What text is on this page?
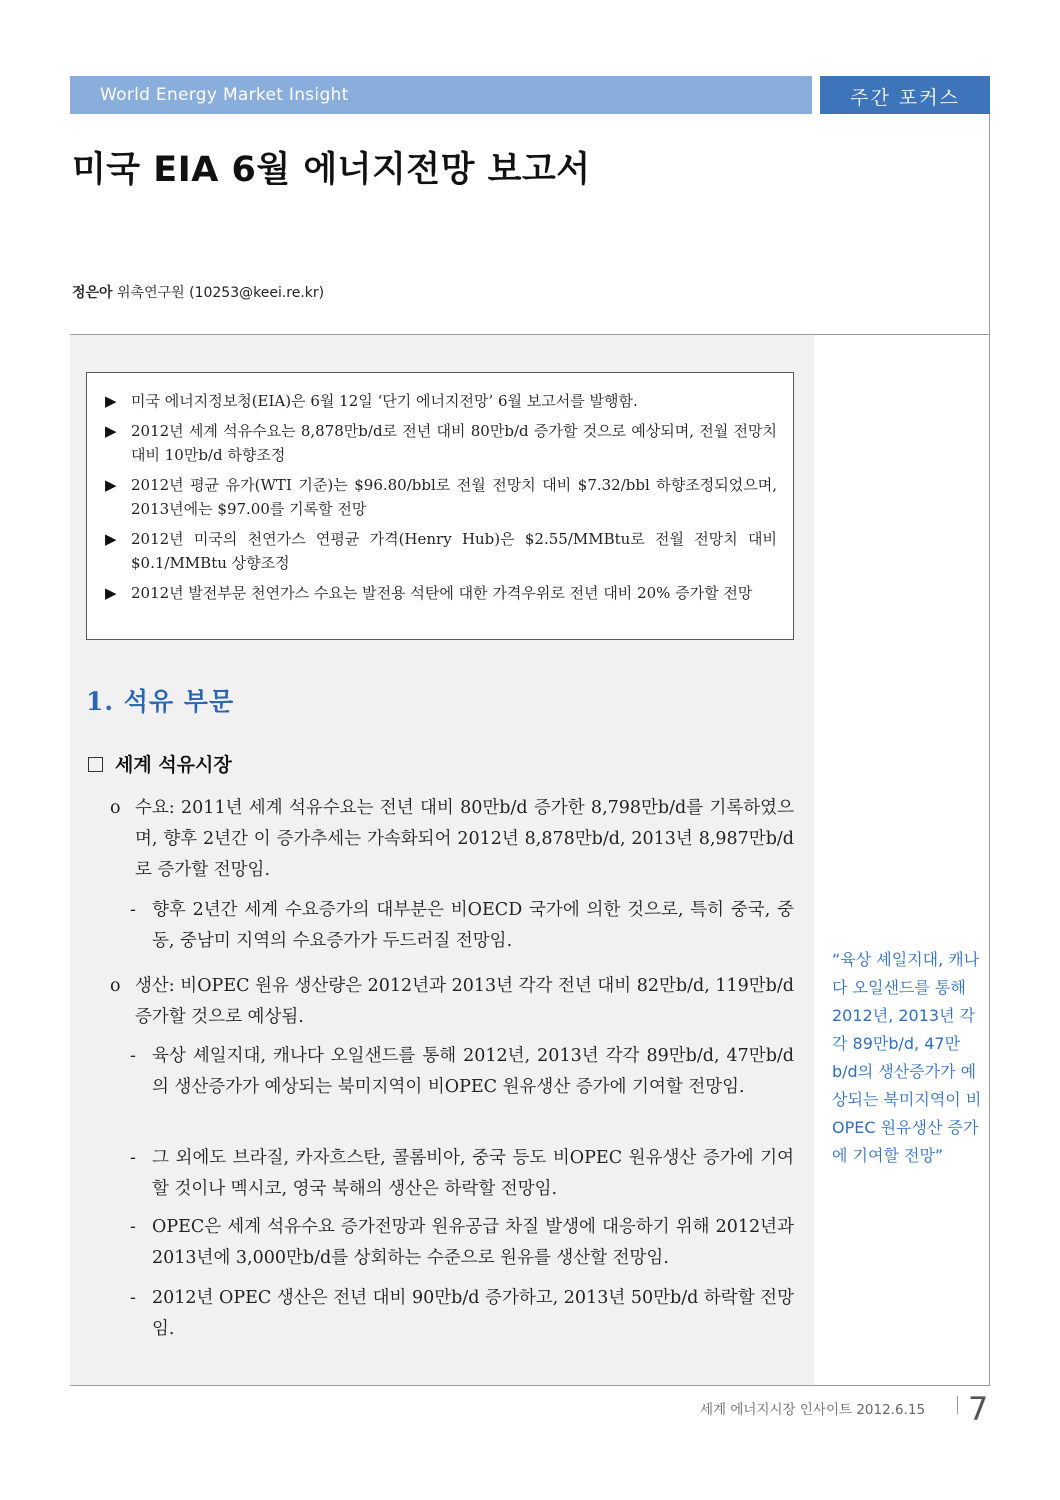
World Energy Market Insight	주간 포커스
미국 EIA 6월 에너지전망 보고서
정은아 위촉연구원 (10253@keei.re.kr)
▶ 미국 에너지정보청(EIA)은 6월 12일 ‘단기 에너지전망’ 6월 보고서를 발행함.
▶ 2012년 세계 석유수요는 8,878만b/d로 전년 대비 80만b/d 증가할 것으로 예상되며, 전월 전망치 대비 10만b/d 하향조정
▶ 2012년 평균 유가(WTI 기준)는 $96.80/bbl로 전월 전망치 대비 $7.32/bbl 하향조정되었으며, 2013년에는 $97.00를 기록할 전망
▶ 2012년 미국의 천연가스 연평균 가격(Henry Hub)은 $2.55/MMBtu로 전월 전망치 대비 $0.1/MMBtu 상향조정
▶ 2012년 발전부문 천연가스 수요는 발전용 석탄에 대한 가격우위로 전년 대비 20% 증가할 전망
1. 석유 부문
세계 석유시장
o 수요: 2011년 세계 석유수요는 전년 대비 80만b/d 증가한 8,798만b/d를 기록하였으며, 향후 2년간 이 증가추세는 가속화되어 2012년 8,878만b/d, 2013년 8,987만b/d로 증가할 전망임.
- 향후 2년간 세계 수요증가의 대부분은 비OECD 국가에 의한 것으로, 특히 중국, 중동, 중남미 지역의 수요증가가 두드러질 전망임.
o 생산: 비OPEC 원유 생산량은 2012년과 2013년 각각 전년 대비 82만b/d, 119만b/d 증가할 것으로 예상됨.
- 육상 셰일지대, 캐나다 오일샌드를 통해 2012년, 2013년 각각 89만b/d, 47만b/d의 생산증가가 예상되는 북미지역이 비OPEC 원유생산 증가에 기여할 전망임.
- 그 외에도 브라질, 카자흐스탄, 콜롬비아, 중국 등도 비OPEC 원유생산 증가에 기여할 것이나 멕시코, 영국 북해의 생산은 하락할 전망임.
- OPEC은 세계 석유수요 증가전망과 원유공급 차질 발생에 대응하기 위해 2012년과 2013년에 3,000만b/d를 상회하는 수준으로 원유를 생산할 전망임.
- 2012년 OPEC 생산은 전년 대비 90만b/d 증가하고, 2013년 50만b/d 하락할 전망임.
“육상 셰일지대, 캐나다 오일샌드를 통해 2012년, 2013년 각각 89만b/d, 47만b/d의 생산증가가 예상되는 북미지역이 비OPEC 원유생산 증가에 기여할 전망”
세계 에너지시장 인사이트 2012.6.15 7
